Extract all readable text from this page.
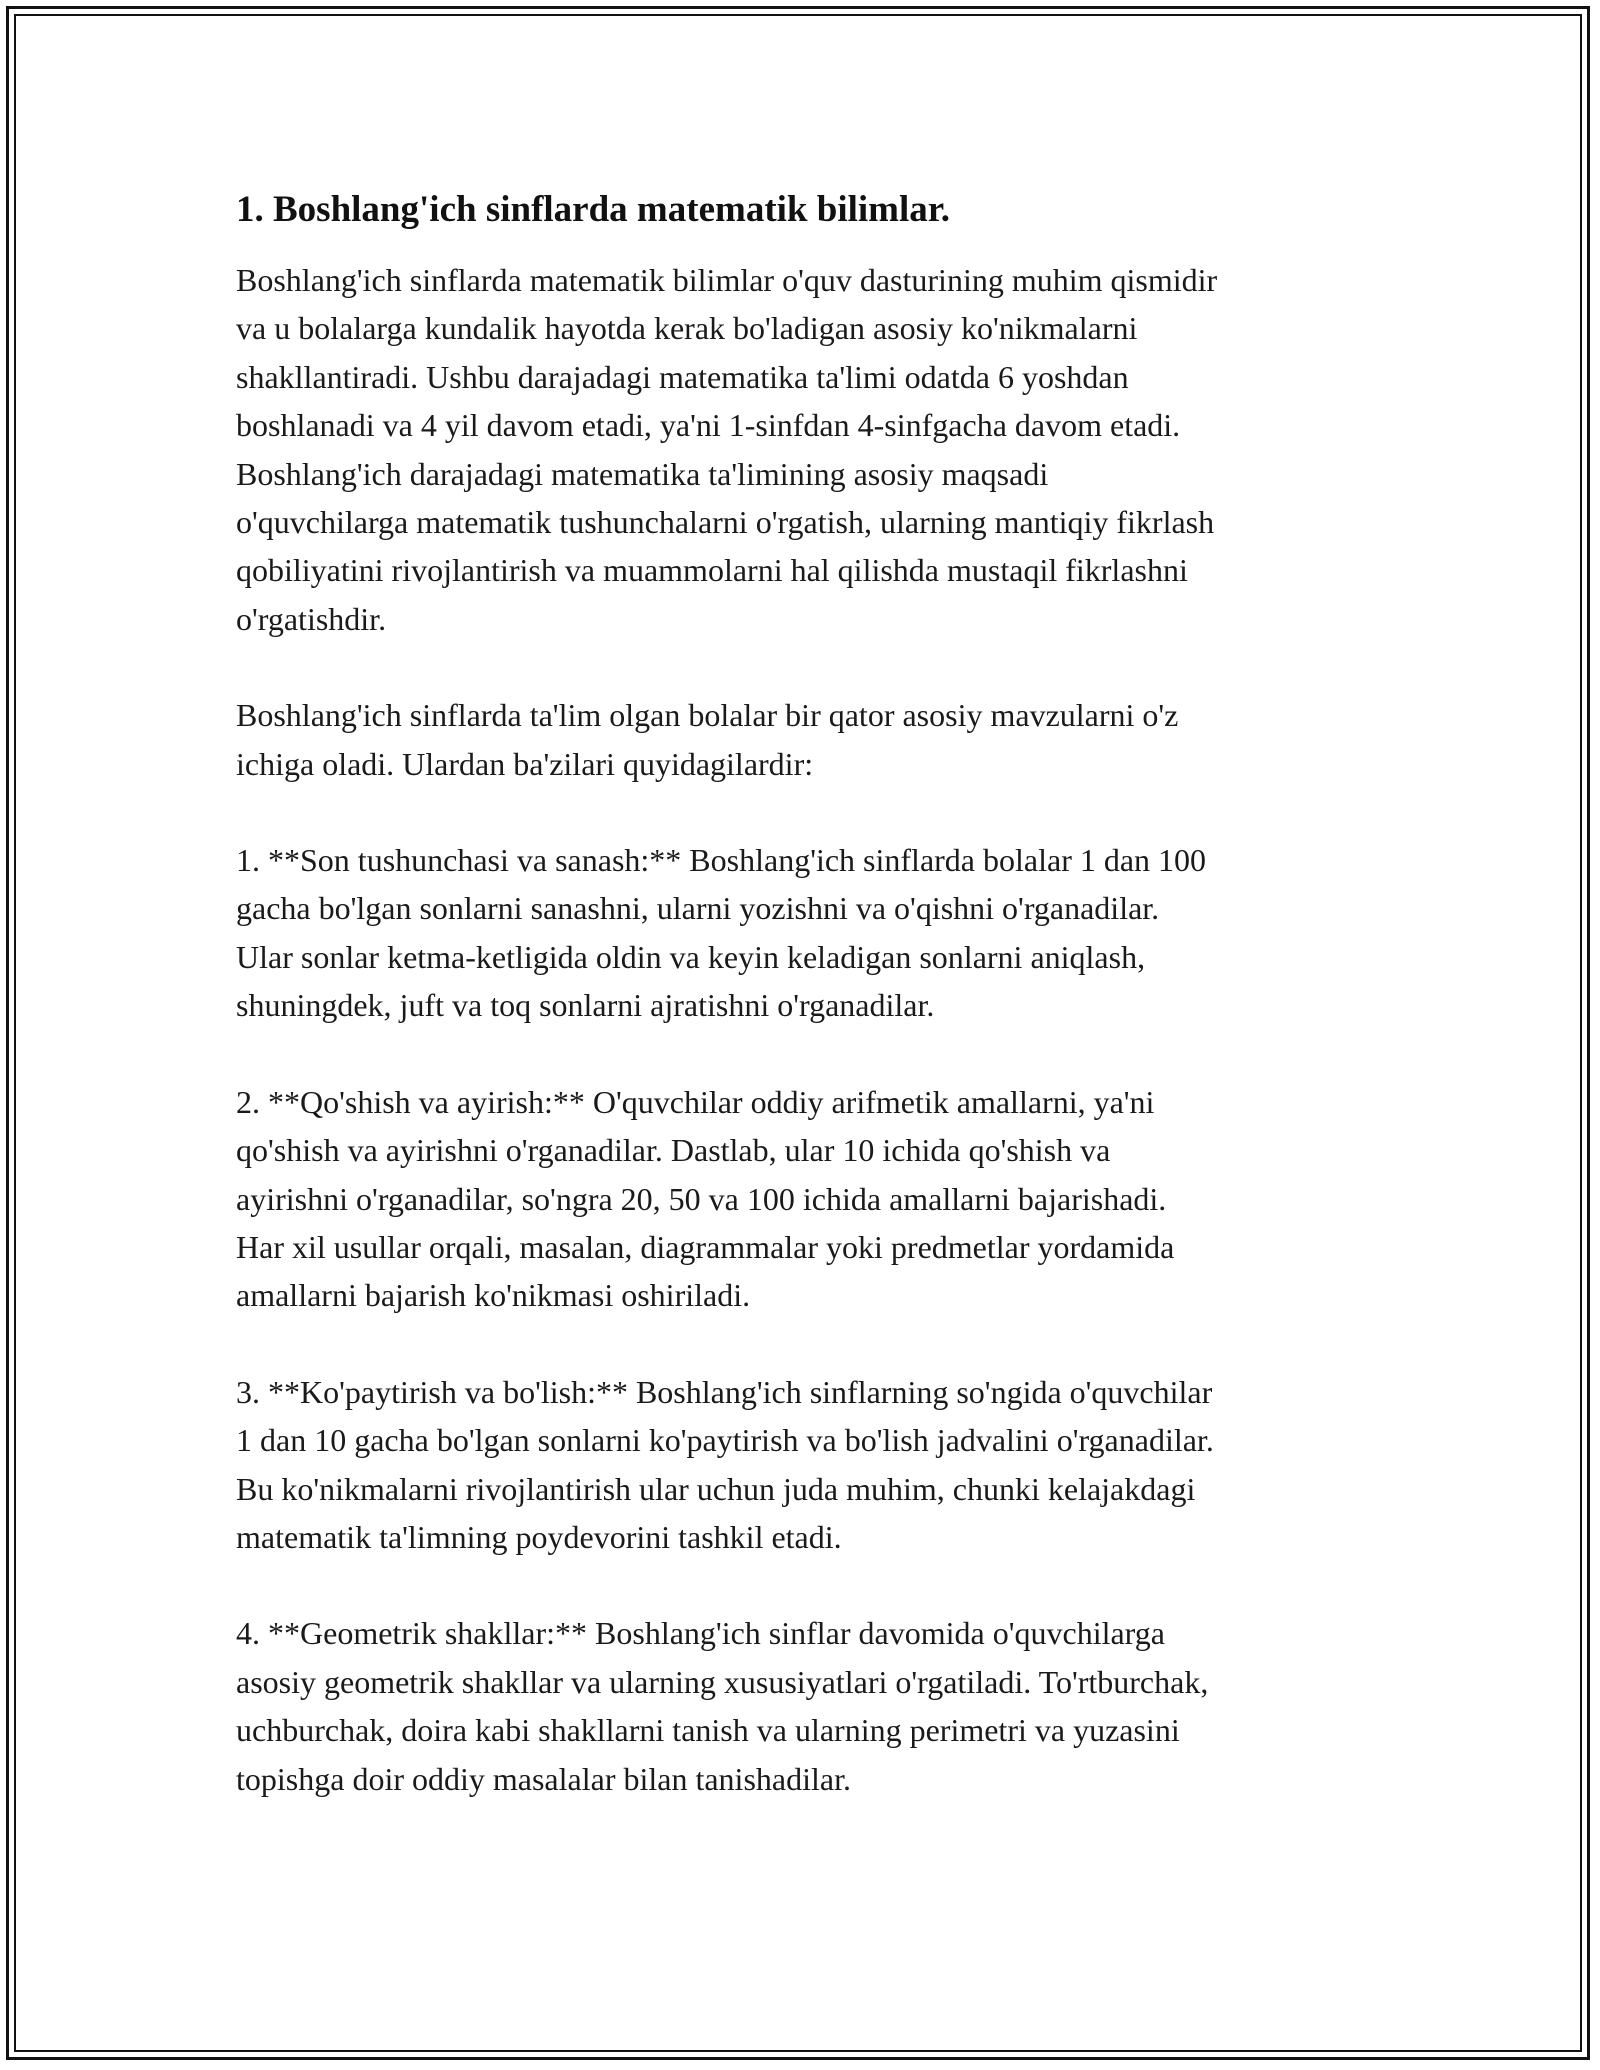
1. Boshlang'ich sinflarda matematik bilimlar.

Boshlang'ich sinflarda matematik bilimlar o'quv dasturining muhim qismidir
va u bolalarga kundalik hayotda kerak bo'ladigan asosiy ko'nikmalarni
shakllantiradi. Ushbu darajadagi matematika ta'limi odatda 6 yoshdan
boshlanadi va 4 yil davom etadi, ya'ni 1-sinfdan 4-sinfgacha davom etadi.
Boshlang'ich darajadagi matematika ta'limining asosiy maqsadi
o'quvchilarga matematik tushunchalarni o'rgatish, ularning mantiqiy fikrlash
qobiliyatini rivojlantirish va muammolarni hal qilishda mustaqil fikrlashni
o'rgatishdir.

Boshlang'ich sinflarda ta'lim olgan bolalar bir qator asosiy mavzularni o'z
ichiga oladi. Ulardan ba'zilari quyidagilardir:

1. **Son tushunchasi va sanash:** Boshlang'ich sinflarda bolalar 1 dan 100
gacha bo'lgan sonlarni sanashni, ularni yozishni va o'qishni o'rganadilar.
Ular sonlar ketma-ketligida oldin va keyin keladigan sonlarni aniqlash,
shuningdek, juft va toq sonlarni ajratishni o'rganadilar.

2. **Qo'shish va ayirish:** O'quvchilar oddiy arifmetik amallarni, ya'ni
qo'shish va ayirishni o'rganadilar. Dastlab, ular 10 ichida qo'shish va
ayirishni o'rganadilar, so'ngra 20, 50 va 100 ichida amallarni bajarishadi.
Har xil usullar orqali, masalan, diagrammalar yoki predmetlar yordamida
amallarni bajarish ko'nikmasi oshiriladi.

3. **Ko'paytirish va bo'lish:** Boshlang'ich sinflarning so'ngida o'quvchilar
1 dan 10 gacha bo'lgan sonlarni ko'paytirish va bo'lish jadvalini o'rganadilar.
Bu ko'nikmalarni rivojlantirish ular uchun juda muhim, chunki kelajakdagi
matematik ta'limning poydevorini tashkil etadi.

4. **Geometrik shakllar:** Boshlang'ich sinflar davomida o'quvchilarga
asosiy geometrik shakllar va ularning xususiyatlari o'rgatiladi. To'rtburchak,
uchburchak, doira kabi shakllarni tanish va ularning perimetri va yuzasini
topishga doir oddiy masalalar bilan tanishadilar.
